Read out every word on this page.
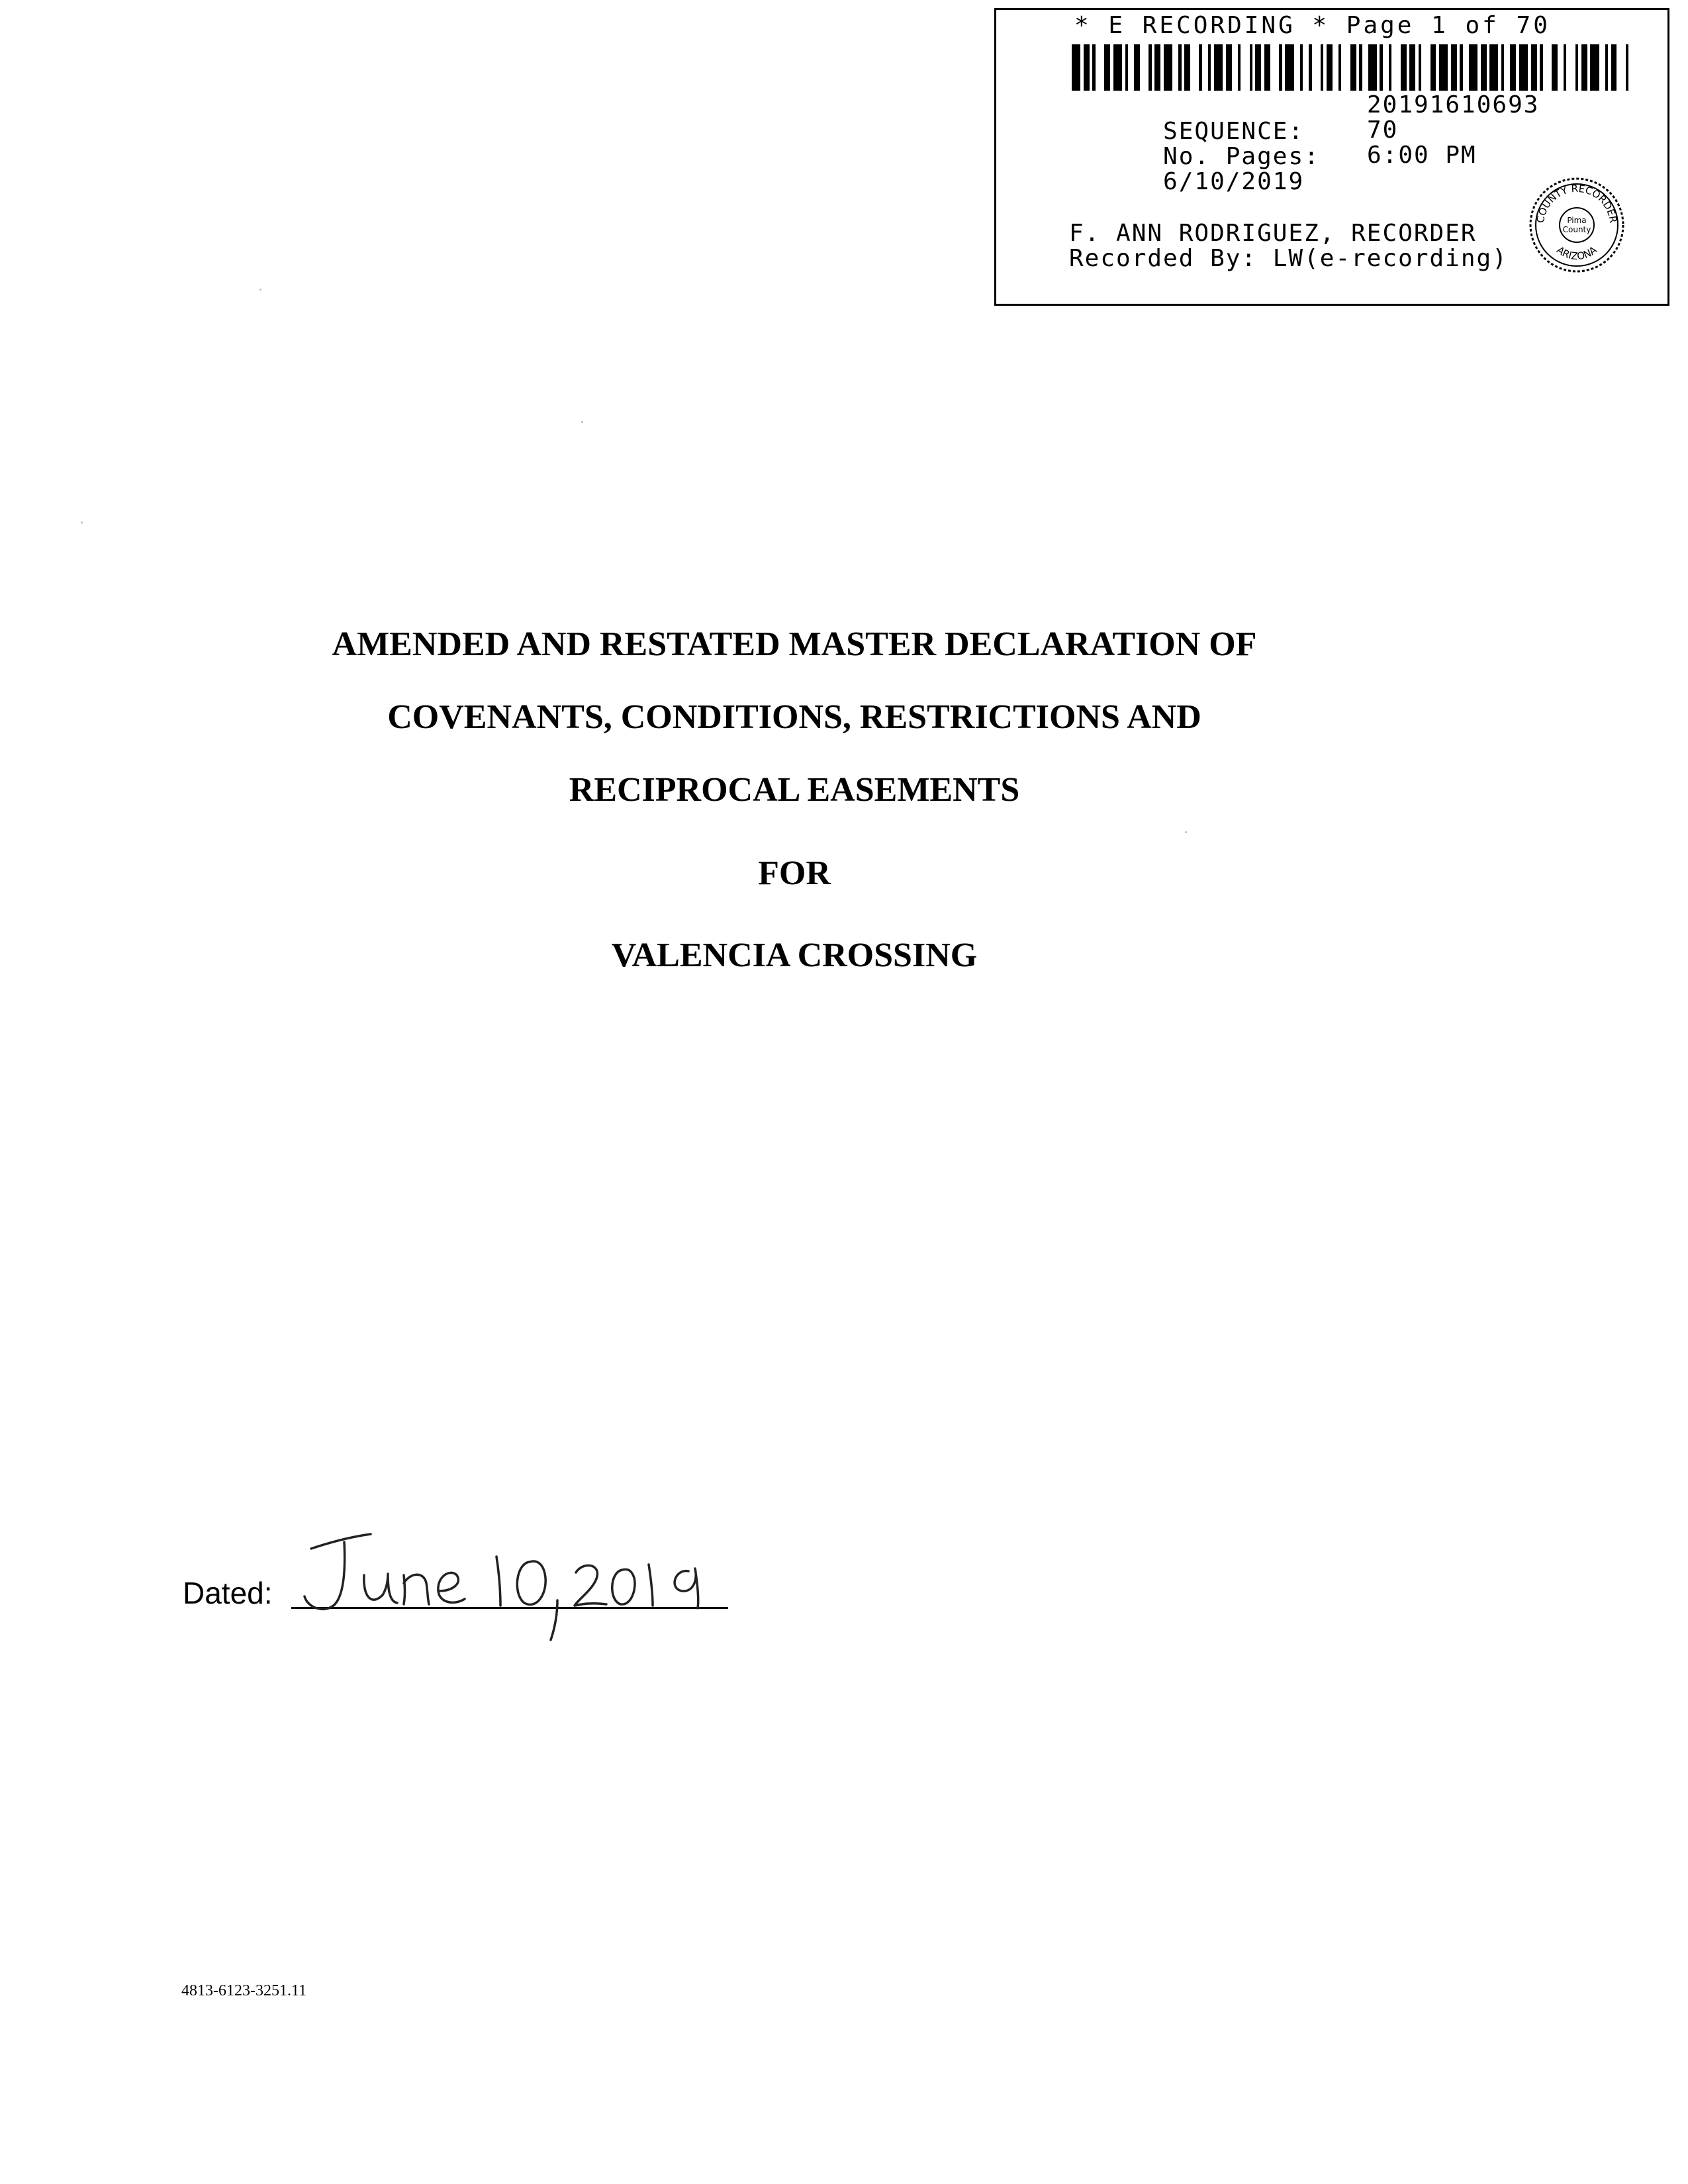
* E RECORDING * Page 1 of 70

SEQUENCE:

20191610693

No. Pages:

70

6/10/2019

6:00 PM

F. ANN RODRIGUEZ, RECORDER
Recorded By: LW(e-recording)
COUNTY RECORDER
ARIZONA
Pima
County
AMENDED AND RESTATED MASTER DECLARATION OF
COVENANTS, CONDITIONS, RESTRICTIONS AND
RECIPROCAL EASEMENTS
FOR
VALENCIA CROSSING
Dated:
4813-6123-3251.11
